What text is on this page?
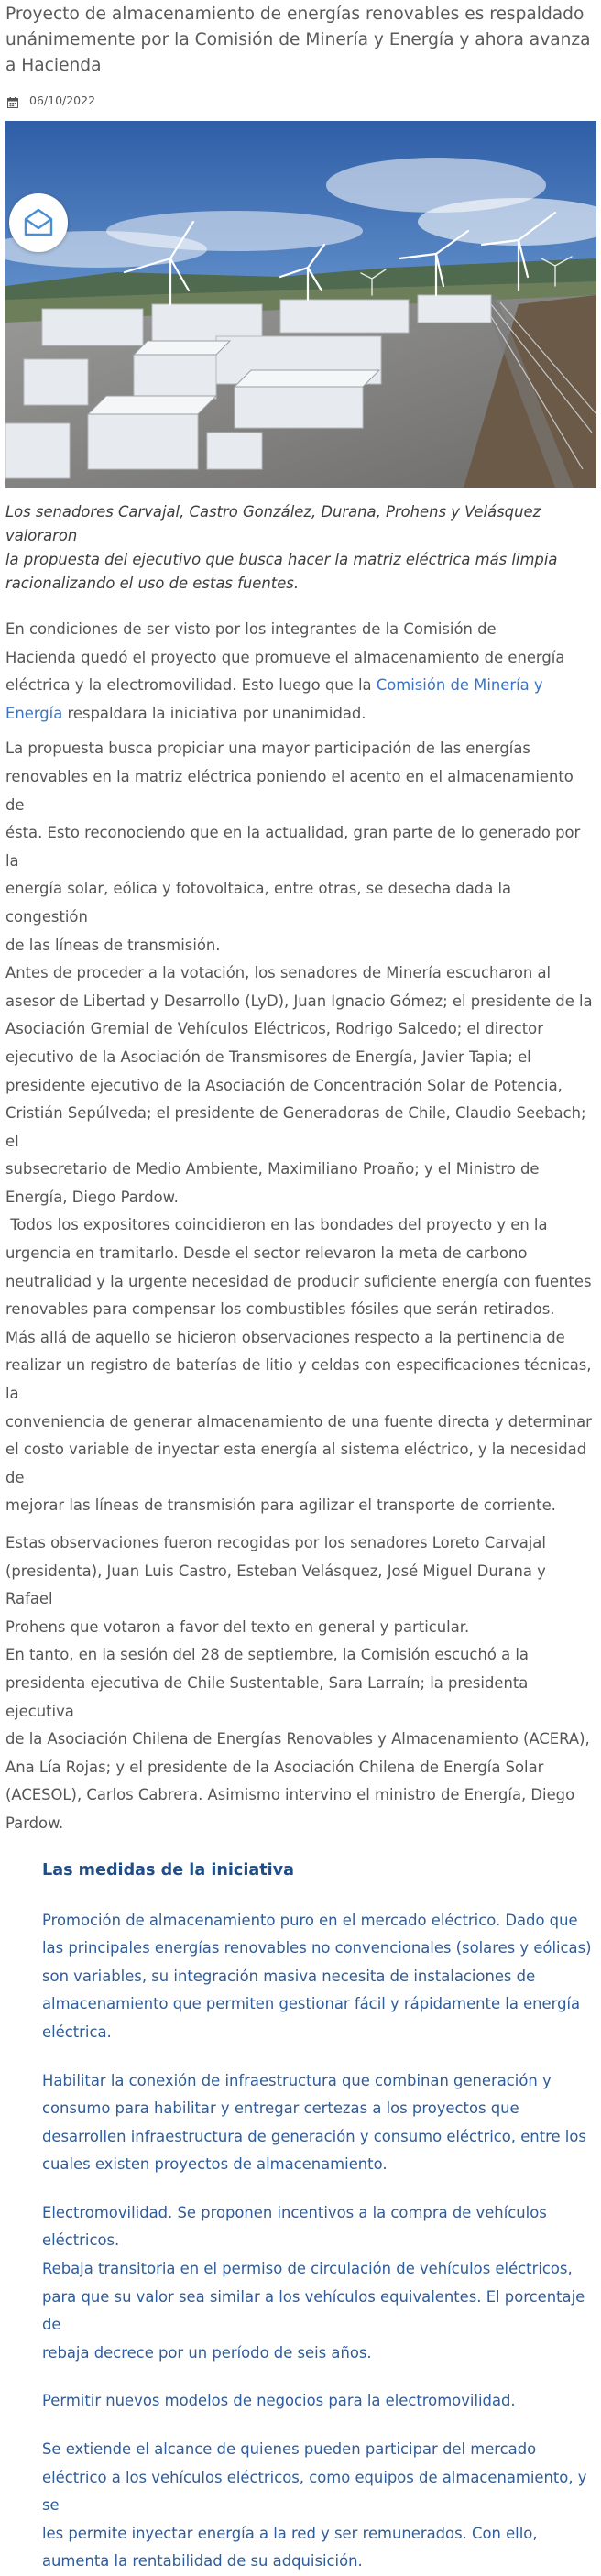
Proyecto de almacenamiento de energías renovables es respaldado
unánimemente por la Comisión de Minería y Energía y ahora avanza
a Hacienda
06/10/2022

Los senadores Carvajal, Castro González, Durana, Prohens y Velásquez valoraron
la propuesta del ejecutivo que busca hacer la matriz eléctrica más limpia
racionalizando el uso de estas fuentes.

En condiciones de ser visto por los integrantes de la Comisión de
Hacienda quedó el proyecto que promueve el almacenamiento de energía
eléctrica y la electromovilidad. Esto luego que la Comisión de Minería y
Energía respaldara la iniciativa por unanimidad.

La propuesta busca propiciar una mayor participación de las energías
renovables en la matriz eléctrica poniendo el acento en el almacenamiento de
ésta. Esto reconociendo que en la actualidad, gran parte de lo generado por la
energía solar, eólica y fotovoltaica, entre otras, se desecha dada la congestión
de las líneas de transmisión.
Antes de proceder a la votación, los senadores de Minería escucharon al
asesor de Libertad y Desarrollo (LyD), Juan Ignacio Gómez; el presidente de la
Asociación Gremial de Vehículos Eléctricos, Rodrigo Salcedo; el director
ejecutivo de la Asociación de Transmisores de Energía, Javier Tapia; el
presidente ejecutivo de la Asociación de Concentración Solar de Potencia,
Cristián Sepúlveda; el presidente de Generadoras de Chile, Claudio Seebach; el
subsecretario de Medio Ambiente, Maximiliano Proaño; y el Ministro de
Energía, Diego Pardow.
Todos los expositores coincidieron en las bondades del proyecto y en la
urgencia en tramitarlo. Desde el sector relevaron la meta de carbono
neutralidad y la urgente necesidad de producir suficiente energía con fuentes
renovables para compensar los combustibles fósiles que serán retirados.
Más allá de aquello se hicieron observaciones respecto a la pertinencia de
realizar un registro de baterías de litio y celdas con especificaciones técnicas, la
conveniencia de generar almacenamiento de una fuente directa y determinar
el costo variable de inyectar esta energía al sistema eléctrico, y la necesidad de
mejorar las líneas de transmisión para agilizar el transporte de corriente.

Estas observaciones fueron recogidas por los senadores Loreto Carvajal
(presidenta), Juan Luis Castro, Esteban Velásquez, José Miguel Durana y Rafael
Prohens que votaron a favor del texto en general y particular.
En tanto, en la sesión del 28 de septiembre, la Comisión escuchó a la
presidenta ejecutiva de Chile Sustentable, Sara Larraín; la presidenta ejecutiva
de la Asociación Chilena de Energías Renovables y Almacenamiento (ACERA),
Ana Lía Rojas; y el presidente de la Asociación Chilena de Energía Solar
(ACESOL), Carlos Cabrera. Asimismo intervino el ministro de Energía, Diego
Pardow.

Las medidas de la iniciativa

Promoción de almacenamiento puro en el mercado eléctrico. Dado que
las principales energías renovables no convencionales (solares y eólicas)
son variables, su integración masiva necesita de instalaciones de
almacenamiento que permiten gestionar fácil y rápidamente la energía
eléctrica.

Habilitar la conexión de infraestructura que combinan generación y
consumo para habilitar y entregar certezas a los proyectos que
desarrollen infraestructura de generación y consumo eléctrico, entre los
cuales existen proyectos de almacenamiento.

Electromovilidad. Se proponen incentivos a la compra de vehículos
eléctricos.
Rebaja transitoria en el permiso de circulación de vehículos eléctricos,
para que su valor sea similar a los vehículos equivalentes. El porcentaje de
rebaja decrece por un período de seis años.

Permitir nuevos modelos de negocios para la electromovilidad.

Se extiende el alcance de quienes pueden participar del mercado
eléctrico a los vehículos eléctricos, como equipos de almacenamiento, y se
les permite inyectar energía a la red y ser remunerados. Con ello,
aumenta la rentabilidad de su adquisición.
